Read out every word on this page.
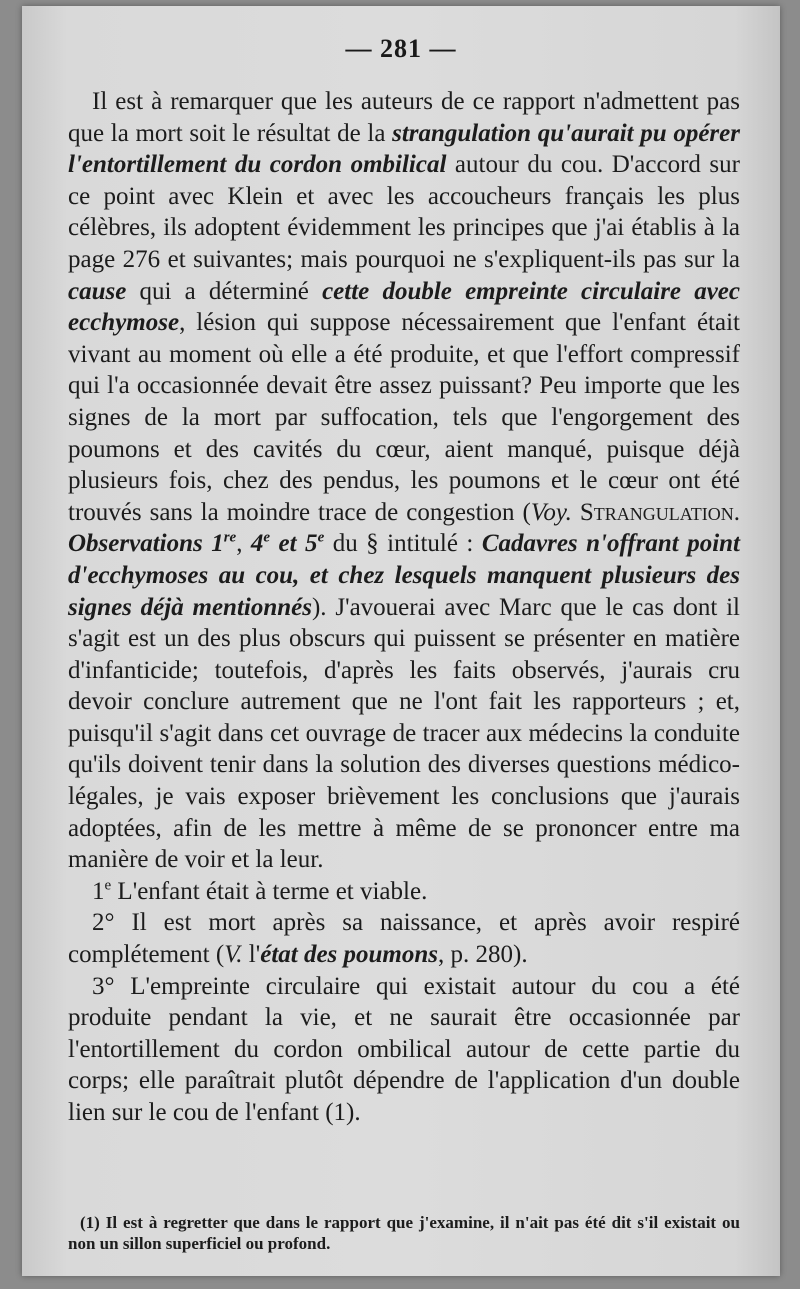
— 281 —

Il est à remarquer que les auteurs de ce rapport n'admettent pas que la mort soit le résultat de la strangulation qu'aurait pu opérer l'entortillement du cordon ombilical autour du cou. D'accord sur ce point avec Klein et avec les accoucheurs français les plus célèbres, ils adoptent évidemment les principes que j'ai établis à la page 276 et suivantes; mais pourquoi ne s'expliquent-ils pas sur la cause qui a déterminé cette double empreinte circulaire avec ecchymose, lésion qui suppose nécessairement que l'enfant était vivant au moment où elle a été produite, et que l'effort compressif qui l'a occasionnée devait être assez puissant? Peu importe que les signes de la mort par suffocation, tels que l'engorgement des poumons et des cavités du cœur, aient manqué, puisque déjà plusieurs fois, chez des pendus, les poumons et le cœur ont été trouvés sans la moindre trace de congestion (Voy. Strangulation. Observations 1re, 4e et 5e du § intitulé : Cadavres n'offrant point d'ecchymoses au cou, et chez lesquels manquent plusieurs des signes déjà mentionnés). J'avouerai avec Marc que le cas dont il s'agit est un des plus obscurs qui puissent se présenter en matière d'infanticide; toutefois, d'après les faits observés, j'aurais cru devoir conclure autrement que ne l'ont fait les rapporteurs ; et, puisqu'il s'agit dans cet ouvrage de tracer aux médecins la conduite qu'ils doivent tenir dans la solution des diverses questions médico-légales, je vais exposer brièvement les conclusions que j'aurais adoptées, afin de les mettre à même de se prononcer entre ma manière de voir et la leur.

1e L'enfant était à terme et viable.

2° Il est mort après sa naissance, et après avoir respiré complétement (V. l'état des poumons, p. 280).

3° L'empreinte circulaire qui existait autour du cou a été produite pendant la vie, et ne saurait être occasionnée par l'entortillement du cordon ombilical autour de cette partie du corps; elle paraîtrait plutôt dépendre de l'application d'un double lien sur le cou de l'enfant (1).

(1) Il est à regretter que dans le rapport que j'examine, il n'ait pas été dit s'il existait ou non un sillon superficiel ou profond.
